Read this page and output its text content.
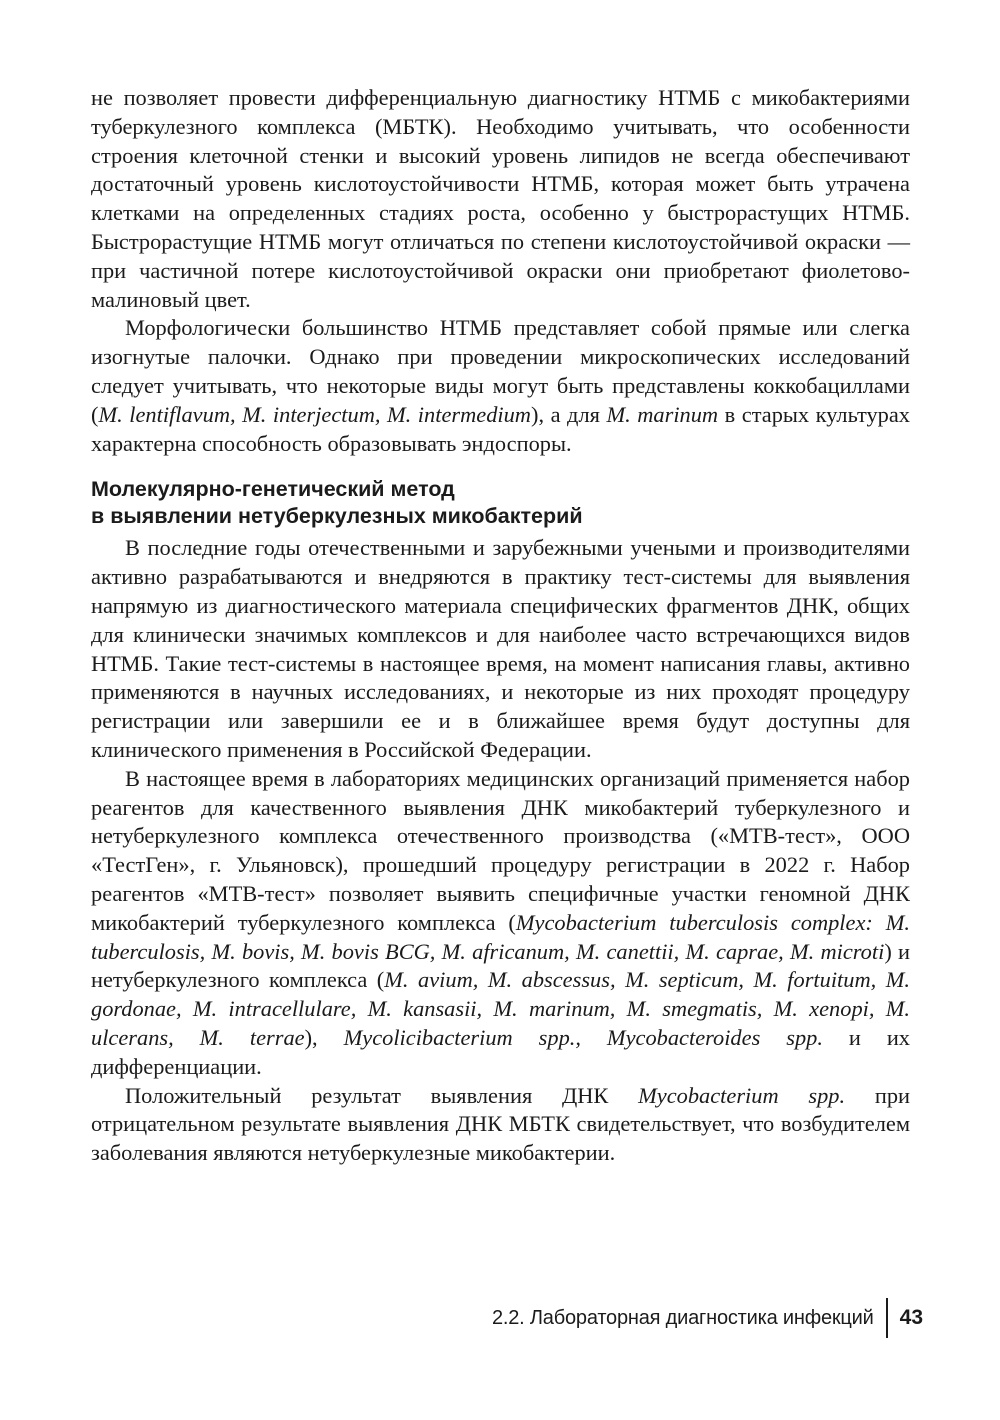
не позволяет провести дифференциальную диагностику НТМБ с микобактериями туберкулезного комплекса (МБТК). Необходимо учитывать, что особенности строения клеточной стенки и высокий уровень липидов не всегда обеспечивают достаточный уровень кислотоустойчивости НТМБ, которая может быть утрачена клетками на определенных стадиях роста, особенно у быстрорастущих НТМБ. Быстрорастущие НТМБ могут отличаться по степени кислотоустойчивой окраски — при частичной потере кислотоустойчивой окраски они приобретают фиолетово-малиновый цвет.

Морфологически большинство НТМБ представляет собой прямые или слегка изогнутые палочки. Однако при проведении микроскопических исследований следует учитывать, что некоторые виды могут быть представлены коккобациллами (M. lentiflavum, M. interjectum, M. intermedium), а для M. marinum в старых культурах характерна способность образовывать эндоспоры.

Молекулярно-генетический метод
в выявлении нетуберкулезных микобактерий

В последние годы отечественными и зарубежными учеными и производителями активно разрабатываются и внедряются в практику тест-системы для выявления напрямую из диагностического материала специфических фрагментов ДНК, общих для клинически значимых комплексов и для наиболее часто встречающихся видов НТМБ. Такие тест-системы в настоящее время, на момент написания главы, активно применяются в научных исследованиях, и некоторые из них проходят процедуру регистрации или завершили ее и в ближайшее время будут доступны для клинического применения в Российской Федерации.

В настоящее время в лабораториях медицинских организаций применяется набор реагентов для качественного выявления ДНК микобактерий туберкулезного и нетуберкулезного комплекса отечественного производства («МТВ-тест», ООО «ТестГен», г. Ульяновск), прошедший процедуру регистрации в 2022 г. Набор реагентов «МТВ-тест» позволяет выявить специфичные участки геномной ДНК микобактерий туберкулезного комплекса (Mycobacterium tuberculosis complex: M. tuberculosis, M. bovis, M. bovis BCG, M. africanum, M. canettii, M. caprae, M. microti) и нетуберкулезного комплекса (M. avium, M. abscessus, M. septicum, M. fortuitum, M. gordonae, M. intracellulare, M. kansasii, M. marinum, M. smegmatis, M. xenopi, M. ulcerans, M. terrae), Mycolicibacterium spp., Mycobacteroides spp. и их дифференциации.

Положительный результат выявления ДНК Mycobacterium spp. при отрицательном результате выявления ДНК МБТК свидетельствует, что возбудителем заболевания являются нетуберкулезные микобактерии.

2.2. Лабораторная диагностика инфекций	43
